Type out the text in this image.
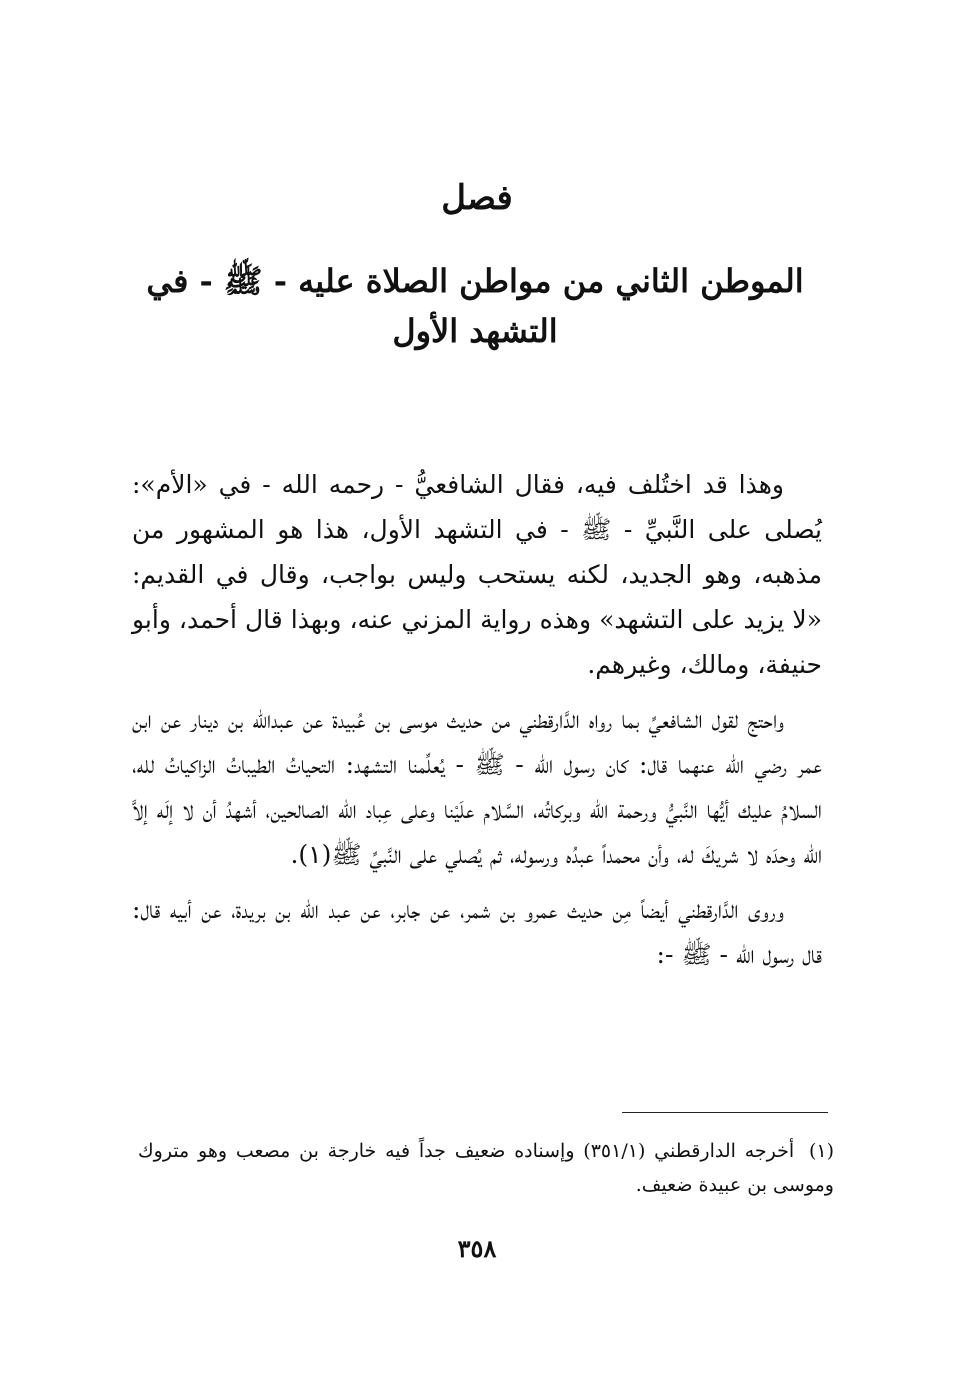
فصل
الموطن الثاني من مواطن الصلاة عليه - ﷺ - في التشهد الأول

وهذا قد اختُلف فيه، فقال الشافعيُّ - رحمه الله - في «الأم»: يُصلى على النَّبيِّ - ﷺ - في التشهد الأول، هذا هو المشهور من مذهبه، وهو الجديد، لكنه يستحب وليس بواجب، وقال في القديم: «لا يزيد على التشهد» وهذه رواية المزني عنه، وبهذا قال أحمد، وأبو حنيفة، ومالك، وغيرهم.

واحتج لقول الشافعيِّ بما رواه الدَّارقطني من حديث موسى بن عُبيدة عن عبدالله بن دينار عن ابن عمر رضي الله عنهما قال: كان رسول الله - ﷺ - يُعلِّمنا التشهد: التحياتُ الطيباتُ الزاكياتُ لله، السلامُ عليك أيُّها النَّبيُّ ورحمة الله وبركاتُه، السَّلام علَيْنا وعلى عِباد الله الصالحين، أشهدُ أن لا إلَه إلاَّ الله وحدَه لا شريكَ له، وأن محمداً عبدُه ورسوله، ثم يُصلي على النَّبيِّ ﷺ(١).

وروى الدَّارقطني أيضاً مِن حديث عمرو بن شمر، عن جابر، عن عبد الله بن بريدة، عن أبيه قال: قال رسول الله - ﷺ -:

(١) أخرجه الدارقطني (٣٥١/١) وإسناده ضعيف جداً فيه خارجة بن مصعب وهو متروك وموسى بن عبيدة ضعيف.
٣٥٨
